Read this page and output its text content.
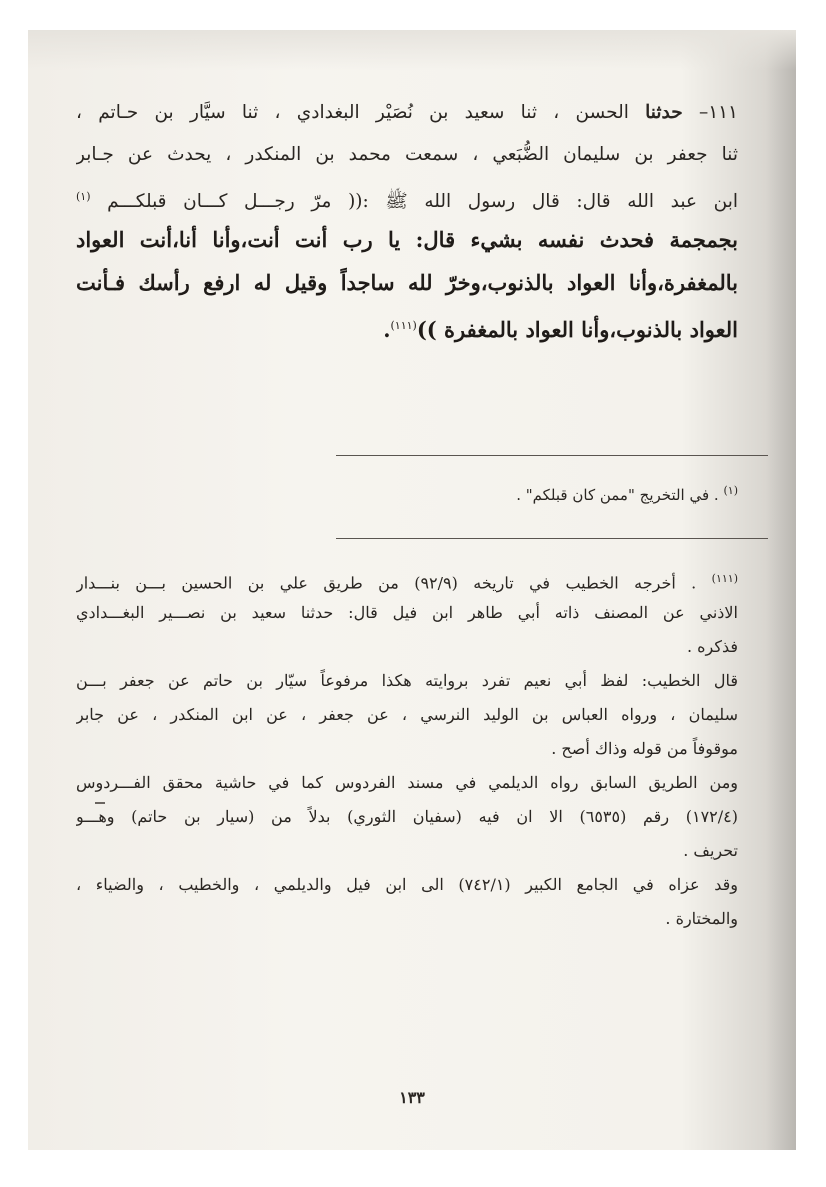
١١١– حدثنا الحسن ، ثنا سعيد بن نُصَيْر البغدادي ، ثنا سيَّار بن حـاتم ،
ثنا جعفر بن سليمان الضُّبَعي ، سمعت محمد بن المنكدر ، يحدث عن جـابر
ابن عبد الله قال: قال رسول الله ﷺ :(( مرّ رجـــل كـــان قبلكـــم $^{(١)}$
بجمجمة فحدث نفسه بشيء قال: يا رب أنت أنت،وأنا أنا،أنت العواد
بالمغفرة،وأنا العواد بالذنوب،وخرّ لله ساجداً وقيل له ارفع رأسك فـأنت
العواد بالذنوب،وأنا العواد بالمغفرة ))$^{(١١١)}$.
$^{(١)}$ . في التخريج "ممن كان قبلكم" .
$^{(١١١)}$ . أخرجه الخطيب في تاريخه (٩٢/٩) من طريق علي بن الحسين بـــن بنـــدار
الاذني عن المصنف ذاته أبي طاهر ابن فيل قال: حدثنا سعيد بن نصـــير البغـــدادي
فذكره .
قال الخطيب: لفظ أبي نعيم تفرد بروايته هكذا مرفوعاً سيّار بن حاتم عن جعفر بـــن
سليمان ، ورواه العباس بن الوليد النرسي ، عن جعفر ، عن ابن المنكدر ، عن جابر
موقوفاً من قوله وذاك أصح .
ومن الطريق السابق رواه الديلمي في مسند الفردوس كما في حاشية محقق الفـــردوس
(١٧٢/٤) رقم (٦٥٣٥) الا ان فيه (سفيان الثوري) بدلاً من (سيار بن حاتم) وهـــو
تحريف .
وقد عزاه في الجامع الكبير (٧٤٢/١) الى ابن فيل والديلمي ، والخطيب ، والضياء ،
والمختارة .
١٣٣
